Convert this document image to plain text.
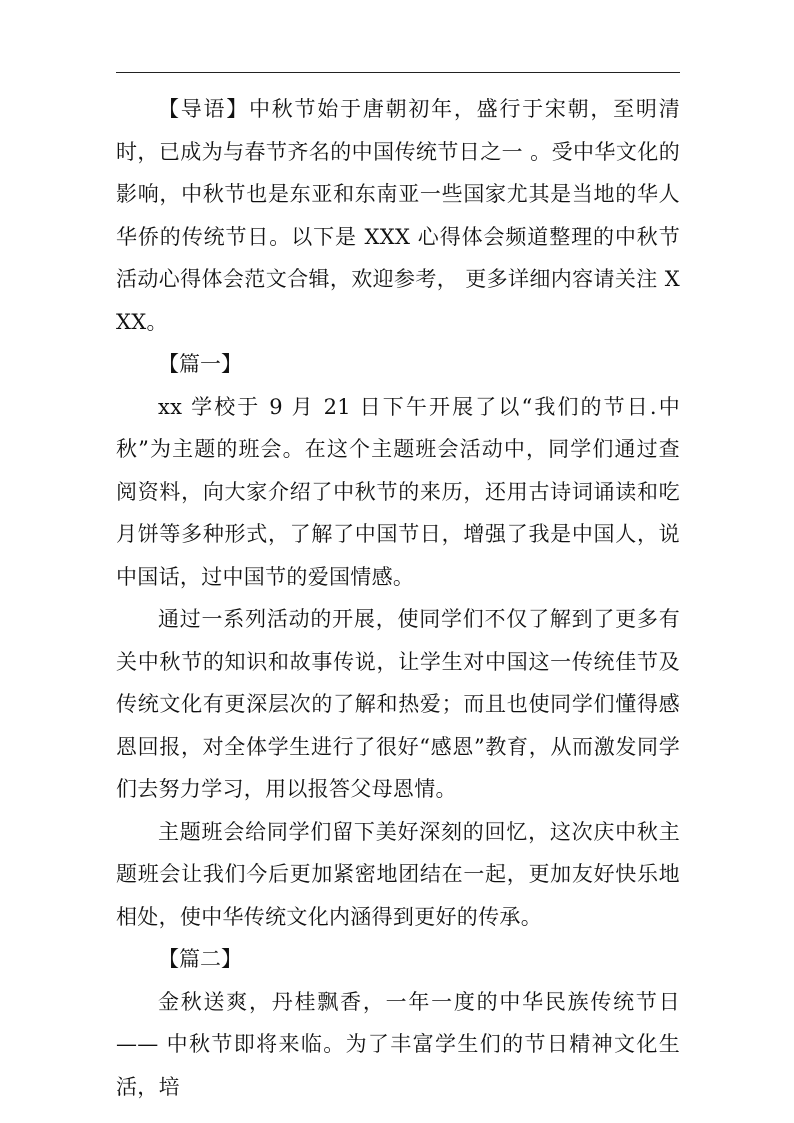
【导语】中秋节始于唐朝初年，盛行于宋朝，至明清时，已成为与春节齐名的中国传统节日之一 。受中华文化的影响，中秋节也是东亚和东南亚一些国家尤其是当地的华人华侨的传统节日。以下是 XXX 心得体会频道整理的中秋节活动心得体会范文合辑，欢迎参考， 更多详细内容请关注 XXX。

【篇一】

xx 学校于 9 月 21 日下午开展了以“我们的节日.中秋”为主题的班会。在这个主题班会活动中，同学们通过查阅资料，向大家介绍了中秋节的来历，还用古诗词诵读和吃月饼等多种形式，了解了中国节日，增强了我是中国人，说中国话，过中国节的爱国情感。

通过一系列活动的开展，使同学们不仅了解到了更多有关中秋节的知识和故事传说，让学生对中国这一传统佳节及传统文化有更深层次的了解和热爱；而且也使同学们懂得感恩回报，对全体学生进行了很好“感恩”教育，从而激发同学们去努力学习，用以报答父母恩情。

主题班会给同学们留下美好深刻的回忆，这次庆中秋主题班会让我们今后更加紧密地团结在一起，更加友好快乐地相处，使中华传统文化内涵得到更好的传承。

【篇二】

金秋送爽，丹桂飘香，一年一度的中华民族传统节日 —— 中秋节即将来临。为了丰富学生们的节日精神文化生活，培
